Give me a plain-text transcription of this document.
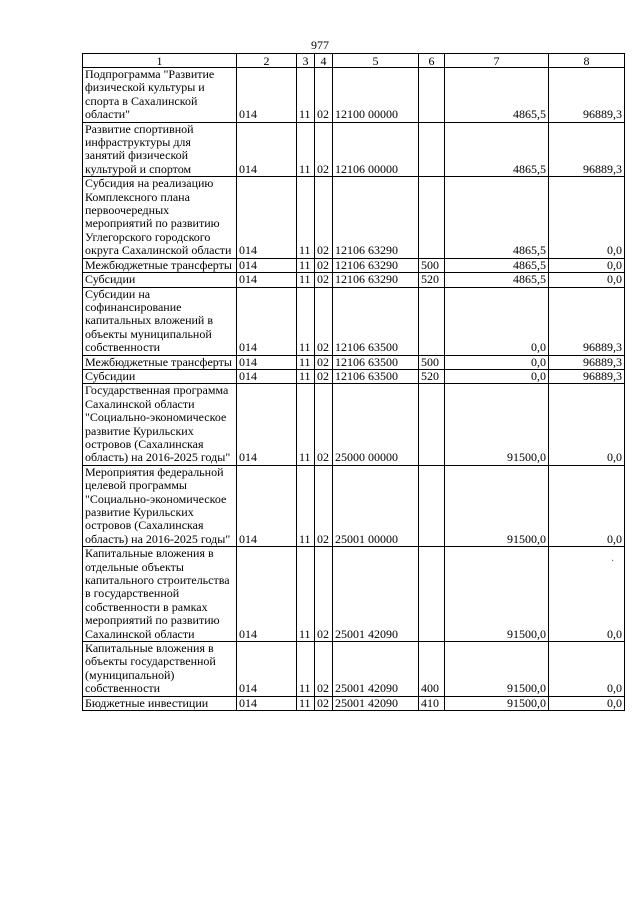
977
1	2	3	4	5	6	7	8
Подпрограмма "Развитие физической культуры и спорта в Сахалинской области"	014	11	02	12100 00000		4865,5	96889,3
Развитие спортивной инфраструктуры для занятий физической культурой и спортом	014	11	02	12106 00000		4865,5	96889,3
Субсидия на реализацию Комплексного плана первоочередных мероприятий по развитию Углегорского городского округа Сахалинской области	014	11	02	12106 63290		4865,5	0,0
Межбюджетные трансферты	014	11	02	12106 63290	500	4865,5	0,0
Субсидии	014	11	02	12106 63290	520	4865,5	0,0
Субсидии на софинансирование капитальных вложений в объекты муниципальной собственности	014	11	02	12106 63500		0,0	96889,3
Межбюджетные трансферты	014	11	02	12106 63500	500	0,0	96889,3
Субсидии	014	11	02	12106 63500	520	0,0	96889,3
Государственная программа Сахалинской области "Социально-экономическое развитие Курильских островов (Сахалинская область) на 2016-2025 годы"	014	11	02	25000 00000		91500,0	0,0
Мероприятия федеральной целевой программы "Социально-экономическое развитие Курильских островов (Сахалинская область) на 2016-2025 годы"	014	11	02	25001 00000		91500,0	0,0
Капитальные вложения в отдельные объекты капитального строительства в государственной собственности в рамках мероприятий по развитию Сахалинской области	014	11	02	25001 42090		91500,0	0,0
Капитальные вложения в объекты государственной (муниципальной) собственности	014	11	02	25001 42090	400	91500,0	0,0
Бюджетные инвестиции	014	11	02	25001 42090	410	91500,0	0,0
·
